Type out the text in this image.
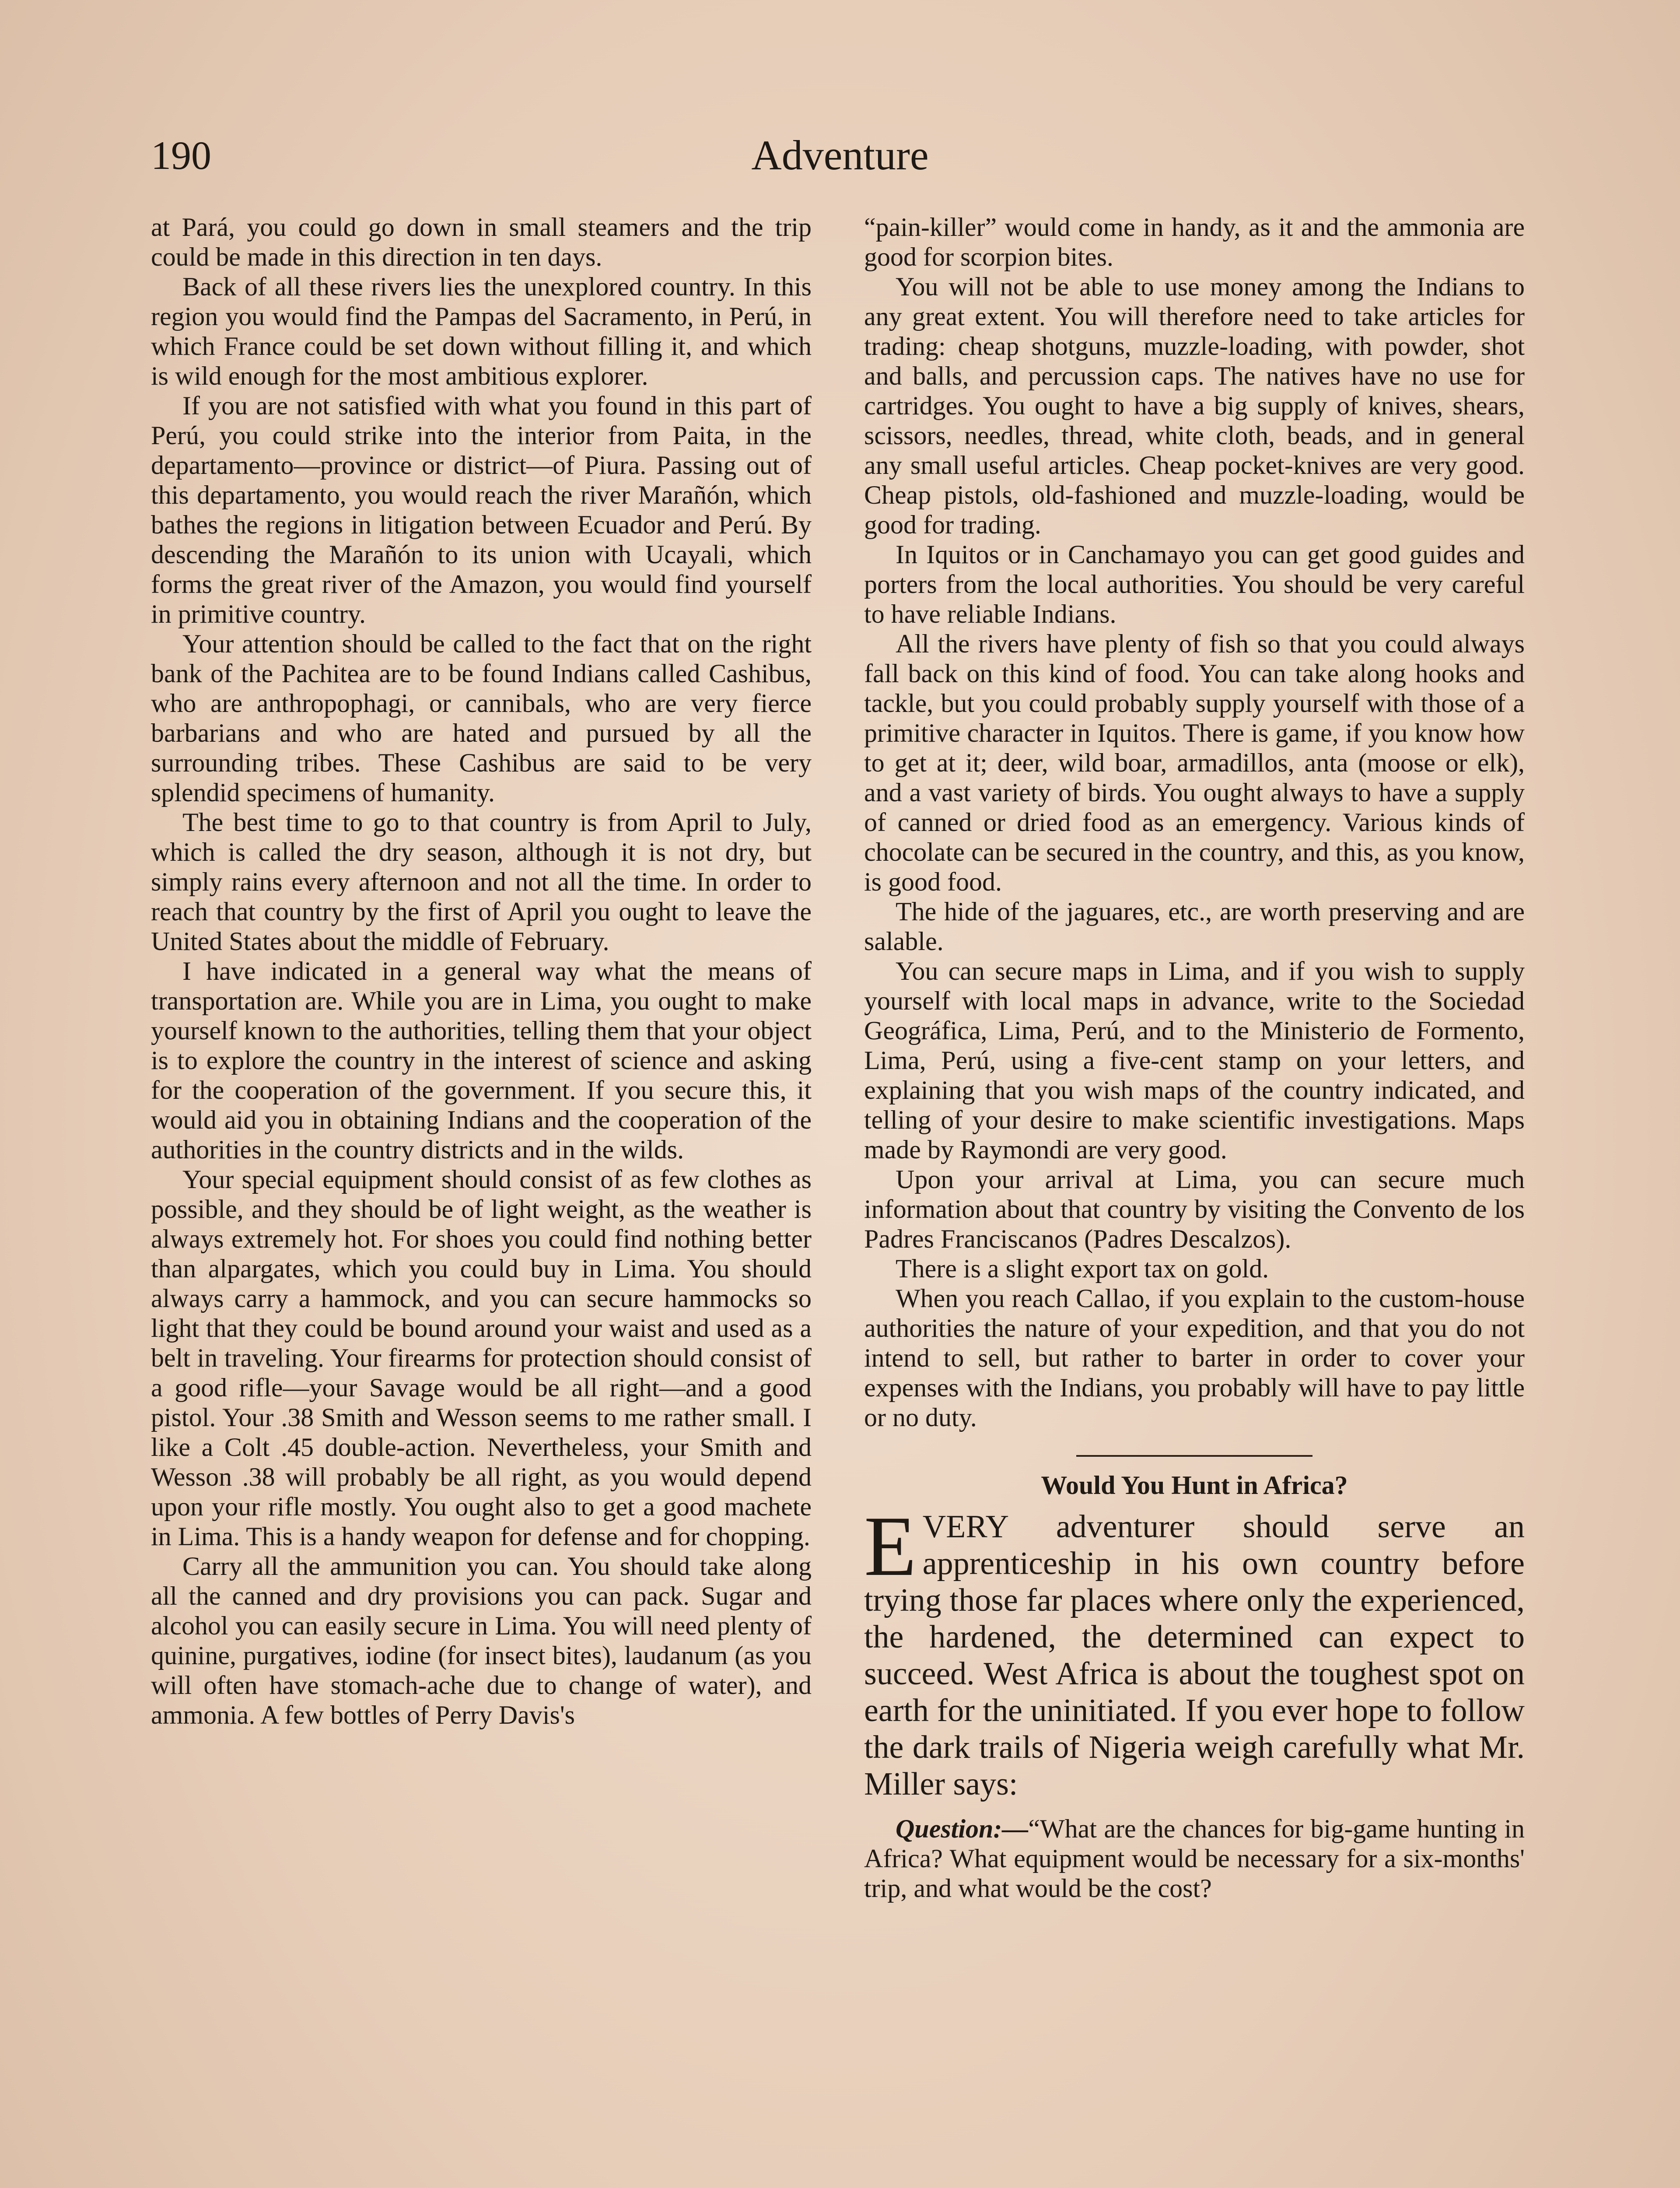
190	Adventure

at Pará, you could go down in small steamers and the trip could be made in this direction in ten days.

Back of all these rivers lies the unexplored country. In this region you would find the Pampas del Sacramento, in Perú, in which France could be set down without filling it, and which is wild enough for the most ambitious explorer.

If you are not satisfied with what you found in this part of Perú, you could strike into the interior from Paita, in the departamento—province or district—of Piura. Passing out of this departamento, you would reach the river Marañón, which bathes the regions in litigation between Ecuador and Perú. By descending the Marañón to its union with Ucayali, which forms the great river of the Amazon, you would find yourself in primitive country.

Your attention should be called to the fact that on the right bank of the Pachitea are to be found Indians called Cashibus, who are anthropophagi, or cannibals, who are very fierce barbarians and who are hated and pursued by all the surrounding tribes. These Cashibus are said to be very splendid specimens of humanity.

The best time to go to that country is from April to July, which is called the dry season, although it is not dry, but simply rains every afternoon and not all the time. In order to reach that country by the first of April you ought to leave the United States about the middle of February.

I have indicated in a general way what the means of transportation are. While you are in Lima, you ought to make yourself known to the authorities, telling them that your object is to explore the country in the interest of science and asking for the cooperation of the government. If you secure this, it would aid you in obtaining Indians and the cooperation of the authorities in the country districts and in the wilds.

Your special equipment should consist of as few clothes as possible, and they should be of light weight, as the weather is always extremely hot. For shoes you could find nothing better than alpargates, which you could buy in Lima. You should always carry a hammock, and you can secure hammocks so light that they could be bound around your waist and used as a belt in traveling. Your firearms for protection should consist of a good rifle—your Savage would be all right—and a good pistol. Your .38 Smith and Wesson seems to me rather small. I like a Colt .45 double-action. Nevertheless, your Smith and Wesson .38 will probably be all right, as you would depend upon your rifle mostly. You ought also to get a good machete in Lima. This is a handy weapon for defense and for chopping.

Carry all the ammunition you can. You should take along all the canned and dry provisions you can pack. Sugar and alcohol you can easily secure in Lima. You will need plenty of quinine, purgatives, iodine (for insect bites), laudanum (as you will often have stomach-ache due to change of water), and ammonia. A few bottles of Perry Davis's

“pain-killer” would come in handy, as it and the ammonia are good for scorpion bites.

You will not be able to use money among the Indians to any great extent. You will therefore need to take articles for trading: cheap shotguns, muzzle-loading, with powder, shot and balls, and percussion caps. The natives have no use for cartridges. You ought to have a big supply of knives, shears, scissors, needles, thread, white cloth, beads, and in general any small useful articles. Cheap pocket-knives are very good. Cheap pistols, old-fashioned and muzzle-loading, would be good for trading.

In Iquitos or in Canchamayo you can get good guides and porters from the local authorities. You should be very careful to have reliable Indians.

All the rivers have plenty of fish so that you could always fall back on this kind of food. You can take along hooks and tackle, but you could probably supply yourself with those of a primitive character in Iquitos. There is game, if you know how to get at it; deer, wild boar, armadillos, anta (moose or elk), and a vast variety of birds. You ought always to have a supply of canned or dried food as an emergency. Various kinds of chocolate can be secured in the country, and this, as you know, is good food.

The hide of the jaguares, etc., are worth preserving and are salable.

You can secure maps in Lima, and if you wish to supply yourself with local maps in advance, write to the Sociedad Geográfica, Lima, Perú, and to the Ministerio de Formento, Lima, Perú, using a five-cent stamp on your letters, and explaining that you wish maps of the country indicated, and telling of your desire to make scientific investigations. Maps made by Raymondi are very good.

Upon your arrival at Lima, you can secure much information about that country by visiting the Convento de los Padres Franciscanos (Padres Descalzos).

There is a slight export tax on gold.

When you reach Callao, if you explain to the custom-house authorities the nature of your expedition, and that you do not intend to sell, but rather to barter in order to cover your expenses with the Indians, you probably will have to pay little or no duty.

Would You Hunt in Africa?

EVERY adventurer should serve an apprenticeship in his own country before trying those far places where only the experienced, the hardened, the determined can expect to succeed. West Africa is about the toughest spot on earth for the uninitiated. If you ever hope to follow the dark trails of Nigeria weigh carefully what Mr. Miller says:

Question:—“What are the chances for big-game hunting in Africa? What equipment would be necessary for a six-months' trip, and what would be the cost?
